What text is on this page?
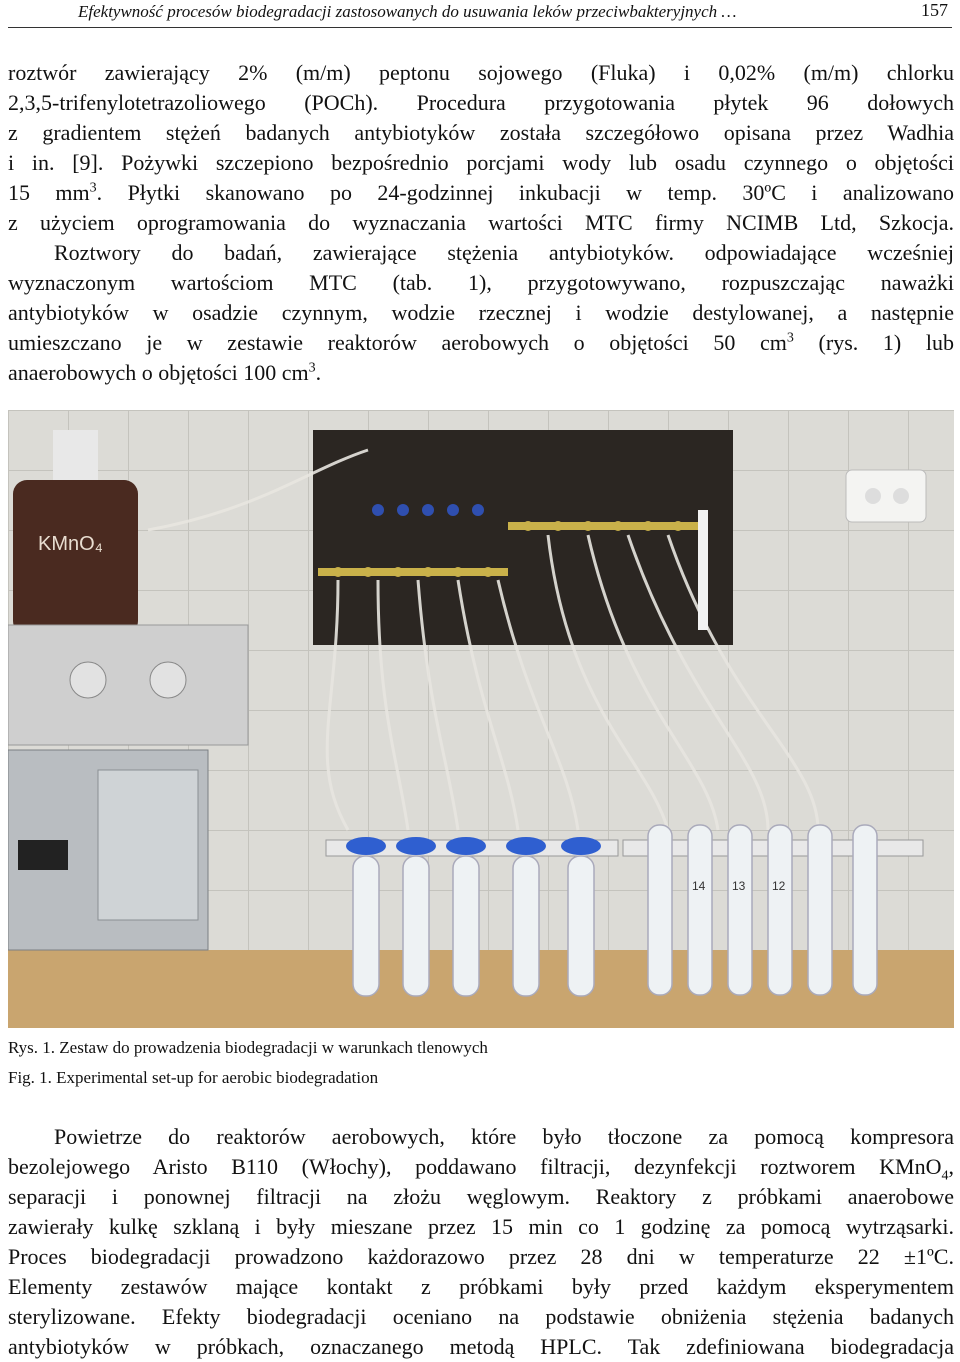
Efektywność procesów biodegradacji zastosowanych do usuwania leków przeciwbakteryjnych …	157
roztwór zawierający 2% (m/m) peptonu sojowego (Fluka) i 0,02% (m/m) chlorku
2,3,5-trifenylotetrazoliowego (POCh). Procedura przygotowania płytek 96 dołowych
z gradientem stężeń badanych antybiotyków została szczegółowo opisana przez Wadhia
i in. [9]. Pożywki szczepiono bezpośrednio porcjami wody lub osadu czynnego o objętości
15 $mm^3$. Płytki skanowano po 24-godzinnej inkubacji w temp. 30ºC i analizowano
z użyciem oprogramowania do wyznaczania wartości MTC firmy NCIMB Ltd, Szkocja.
Roztwory do badań, zawierające stężenia antybiotyków. odpowiadające wcześniej
wyznaczonym wartościom MTC (tab. 1), przygotowywano, rozpuszczając naważki
antybiotyków w osadzie czynnym, wodzie rzecznej i wodzie destylowanej, a następnie
umieszczano je w zestawie reaktorów aerobowych o objętości 50 $cm^3$ (rys. 1) lub
anaerobowych o objętości 100 $cm^3$.
KMnO₄
14 13 12
Rys. 1. Zestaw do prowadzenia biodegradacji w warunkach tlenowych
Fig. 1. Experimental set-up for aerobic biodegradation
Powietrze do reaktorów aerobowych, które było tłoczone za pomocą kompresora
bezolejowego Aristo B110 (Włochy), poddawano filtracji, dezynfekcji roztworem KMnO$_4$,
separacji i ponownej filtracji na złożu węglowym. Reaktory z próbkami anaerobowe
zawierały kulkę szklaną i były mieszane przez 15 min co 1 godzinę za pomocą wytrząsarki.
Proces biodegradacji prowadzono każdorazowo przez 28 dni w temperaturze 22 ±1ºC.
Elementy zestawów mające kontakt z próbkami były przed każdym eksperymentem
sterylizowane. Efekty biodegradacji oceniano na podstawie obniżenia stężenia badanych
antybiotyków w próbkach, oznaczanego metodą HPLC. Tak zdefiniowana biodegradacja
